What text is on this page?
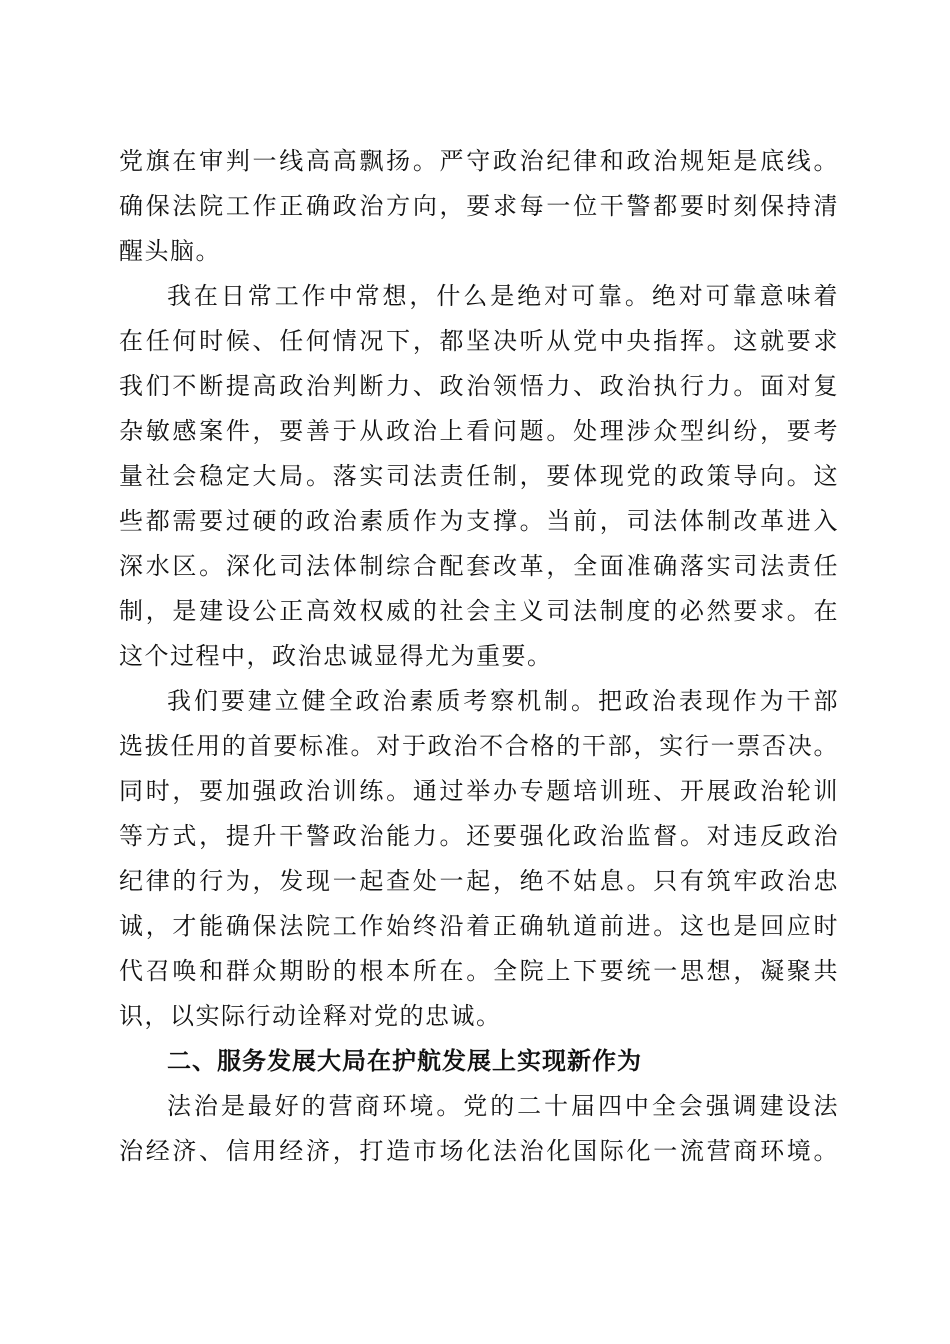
党旗在审判一线高高飘扬。严守政治纪律和政治规矩是底线。
确保法院工作正确政治方向，要求每一位干警都要时刻保持清
醒头脑。
我在日常工作中常想，什么是绝对可靠。绝对可靠意味着
在任何时候、任何情况下，都坚决听从党中央指挥。这就要求
我们不断提高政治判断力、政治领悟力、政治执行力。面对复
杂敏感案件，要善于从政治上看问题。处理涉众型纠纷，要考
量社会稳定大局。落实司法责任制，要体现党的政策导向。这
些都需要过硬的政治素质作为支撑。当前，司法体制改革进入
深水区。深化司法体制综合配套改革，全面准确落实司法责任
制，是建设公正高效权威的社会主义司法制度的必然要求。在
这个过程中，政治忠诚显得尤为重要。
我们要建立健全政治素质考察机制。把政治表现作为干部
选拔任用的首要标准。对于政治不合格的干部，实行一票否决。
同时，要加强政治训练。通过举办专题培训班、开展政治轮训
等方式，提升干警政治能力。还要强化政治监督。对违反政治
纪律的行为，发现一起查处一起，绝不姑息。只有筑牢政治忠
诚，才能确保法院工作始终沿着正确轨道前进。这也是回应时
代召唤和群众期盼的根本所在。全院上下要统一思想，凝聚共
识，以实际行动诠释对党的忠诚。
二、服务发展大局在护航发展上实现新作为
法治是最好的营商环境。党的二十届四中全会强调建设法
治经济、信用经济，打造市场化法治化国际化一流营商环境。
